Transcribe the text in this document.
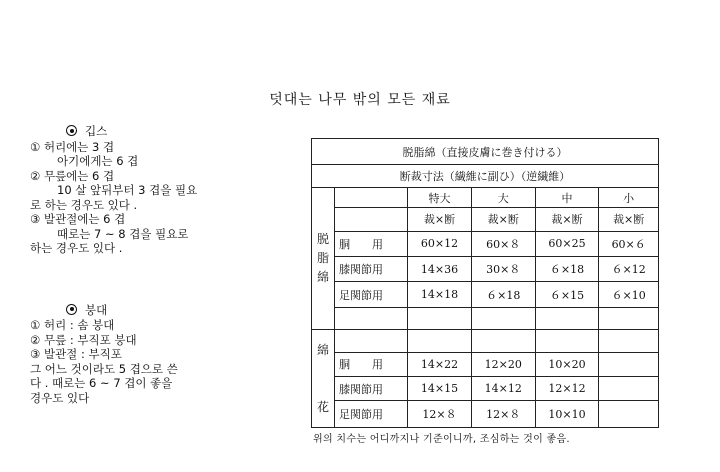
덧대는 나무 밖의 모든 재료
깁스
① 허리에는 3 겹
아기에게는 6 겹
② 무릎에는 6 겹
10 살 앞뒤부터 3 겹을 필요
로 하는 경우도 있다 .
③ 발관절에는 6 겹
때로는 7 ~ 8 겹을 필요로
하는 경우도 있다 .
붕대
① 허리 : 솜 붕대
② 무릎 : 부직포 붕대
③ 발관절 : 부직포
그 어느 것이라도 5 겹으로 쓴
다 . 때로는 6 ~ 7 겹이 좋을
경우도 있다
脱脂綿（直接皮膚に巻き付ける）					
断裁寸法（繊維に副ひ）（逆繊維）					
脱
脂
綿		特大	大	中	小
		裁×断	裁×断	裁×断	裁×断
	胴　　用	60×12	60×８	60×25	60×６
	膝関節用	14×36	30×８	６×18	６×12
	足関節用	14×18	６×18	６×15	６×10

綿

花					
	胴　　用	14×22	12×20	10×20	
	膝関節用	14×15	14×12	12×12	
	足関節用	12×８	12×８	10×10	
위의 치수는 어디까지나 기준이니까, 조심하는 것이 좋음.
